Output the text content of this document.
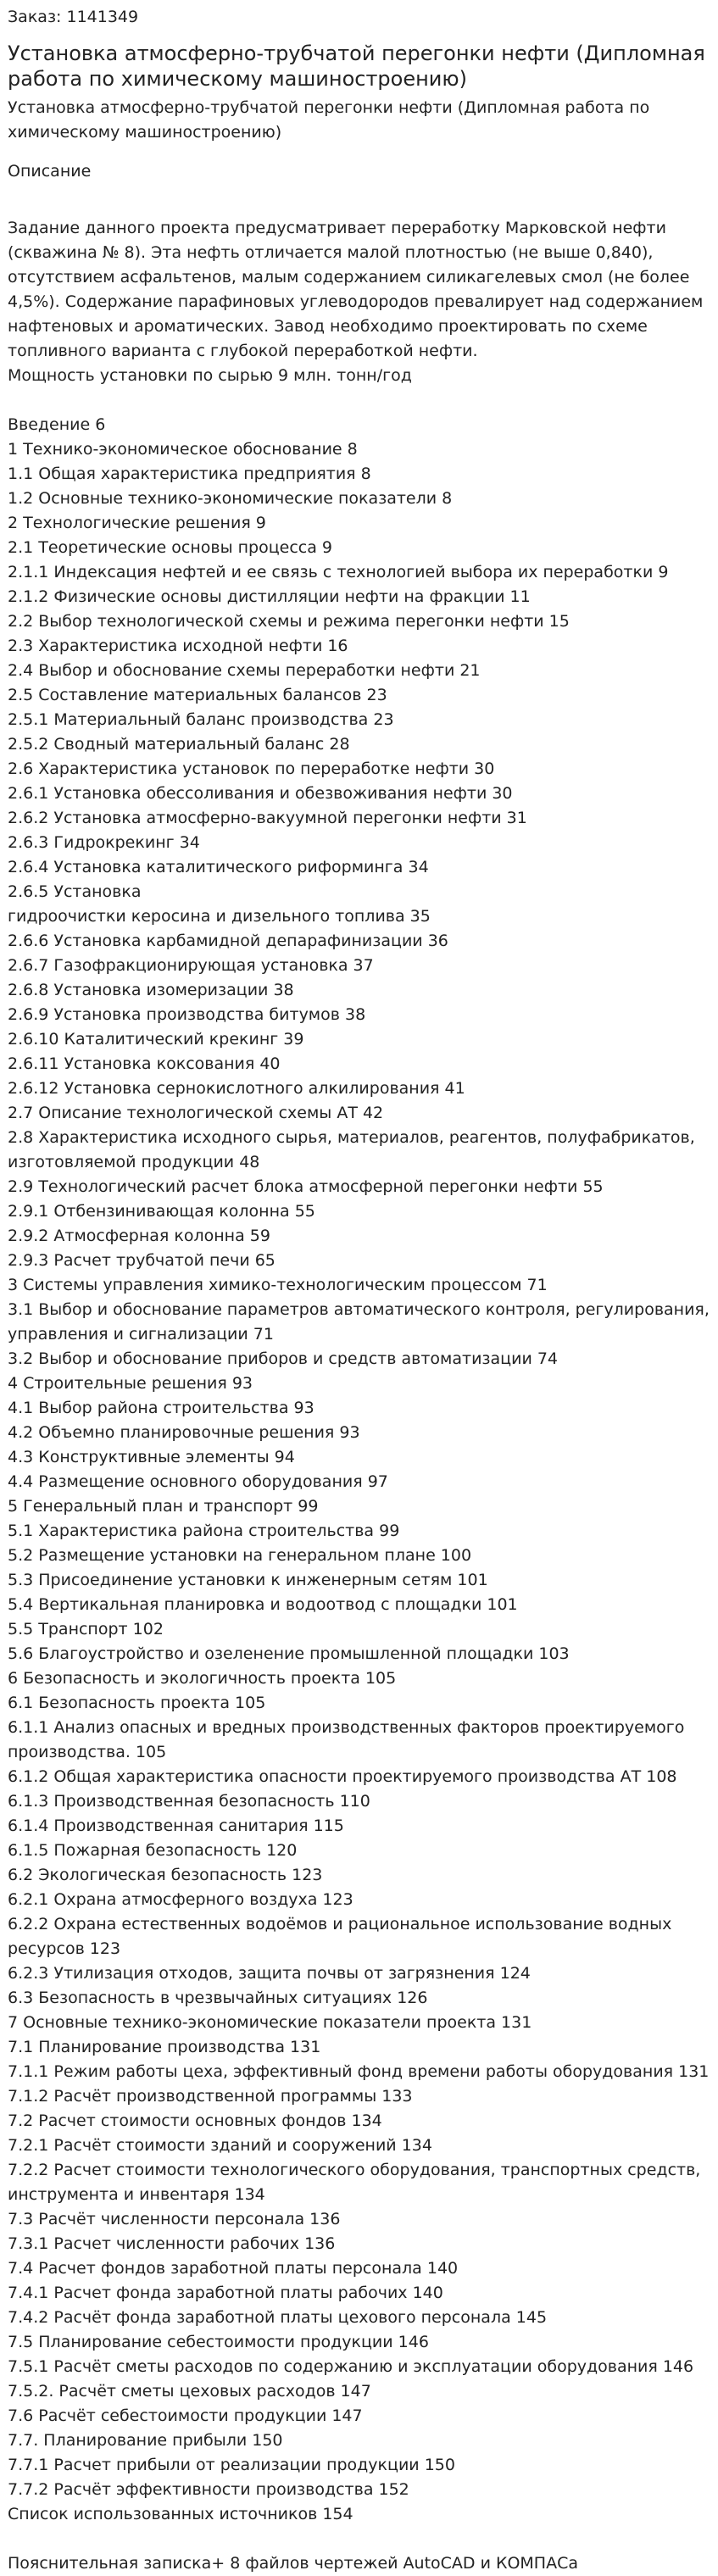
Заказ: 1141349
Установка атмосферно-трубчатой перегонки нефти (Дипломная работа по химическому машиностроению)
Установка атмосферно-трубчатой перегонки нефти (Дипломная работа по химическому машиностроению)
Описание

Задание данного проекта предусматривает переработку Марковской нефти (скважина № 8). Эта нефть отличается малой плотностью (не выше 0,840), отсутствием асфальтенов, малым содержанием силикагелевых смол (не более 4,5%). Содержание парафиновых углеводородов превалирует над содержанием нафтеновых и ароматических. Завод необходимо проектировать по схеме топливного варианта с глубокой переработкой нефти.

Мощность установки по сырью 9 млн. тонн/год

Введение 6

1 Технико-экономическое обоснование 8

1.1 Общая характеристика предприятия 8

1.2 Основные технико-экономические показатели 8

2 Технологические решения 9

2.1 Теоретические основы процесса 9

2.1.1 Индексация нефтей и ее связь с технологией выбора их переработки 9

2.1.2 Физические основы дистилляции нефти на фракции 11

2.2 Выбор технологической схемы и режима перегонки нефти 15

2.3 Характеристика исходной нефти 16

2.4 Выбор и обоснование схемы переработки нефти 21

2.5 Составление материальных балансов 23

2.5.1 Материальный баланс производства 23

2.5.2 Сводный материальный баланс 28

2.6 Характеристика установок по переработке нефти 30

2.6.1 Установка обессоливания и обезвоживания нефти 30

2.6.2 Установка атмосферно-вакуумной перегонки нефти 31

2.6.3 Гидрокрекинг 34

2.6.4 Установка каталитического риформинга 34

2.6.5 Установка

гидроочистки керосина и дизельного топлива 35

2.6.6 Установка карбамидной депарафинизации 36

2.6.7 Газофракционирующая установка 37

2.6.8 Установка изомеризации 38

2.6.9 Установка производства битумов 38

2.6.10 Каталитический крекинг 39

2.6.11 Установка коксования 40

2.6.12 Установка сернокислотного алкилирования 41

2.7 Описание технологической схемы АТ 42

2.8 Характеристика исходного сырья, материалов, реагентов, полуфабрикатов, изготовляемой продукции 48

2.9 Технологический расчет блока атмосферной перегонки нефти 55

2.9.1 Отбензинивающая колонна 55

2.9.2 Атмосферная колонна 59

2.9.3 Расчет трубчатой печи 65

3 Системы управления химико-технологическим процессом 71

3.1 Выбор и обоснование параметров автоматического контроля, регулирования, управления и сигнализации 71

3.2 Выбор и обоснование приборов и средств автоматизации 74

4 Строительные решения 93

4.1 Выбор района строительства 93

4.2 Объемно планировочные решения 93

4.3 Конструктивные элементы 94

4.4 Размещение основного оборудования 97

5 Генеральный план и транспорт 99

5.1 Характеристика района строительства 99

5.2 Размещение установки на генеральном плане 100

5.3 Присоединение установки к инженерным сетям 101

5.4 Вертикальная планировка и водоотвод с площадки 101

5.5 Транспорт 102

5.6 Благоустройство и озеленение промышленной площадки 103

6 Безопасность и экологичность проекта 105

6.1 Безопасность проекта 105

6.1.1 Анализ опасных и вредных производственных факторов проектируемого производства. 105

6.1.2 Общая характеристика опасности проектируемого производства АТ 108

6.1.3 Производственная безопасность 110

6.1.4 Производственная санитария 115

6.1.5 Пожарная безопасность 120

6.2 Экологическая безопасность 123

6.2.1 Охрана атмосферного воздуха 123

6.2.2 Охрана естественных водоёмов и рациональное использование водных ресурсов 123

6.2.3 Утилизация отходов, защита почвы от загрязнения 124

6.3 Безопасность в чрезвычайных ситуациях 126

7 Основные технико-экономические показатели проекта 131

7.1 Планирование производства 131

7.1.1 Режим работы цеха, эффективный фонд времени работы оборудования 131

7.1.2 Расчёт производственной программы 133

7.2 Расчет стоимости основных фондов 134

7.2.1 Расчёт стоимости зданий и сооружений 134

7.2.2 Расчет стоимости технологического оборудования, транспортных средств, инструмента и инвентаря 134

7.3 Расчёт численности персонала 136

7.3.1 Расчет численности рабочих 136

7.4 Расчет фондов заработной платы персонала 140

7.4.1 Расчет фонда заработной платы рабочих 140

7.4.2 Расчёт фонда заработной платы цехового персонала 145

7.5 Планирование себестоимости продукции 146

7.5.1 Расчёт сметы расходов по содержанию и эксплуатации оборудования 146

7.5.2. Расчёт сметы цеховых расходов 147

7.6 Расчёт себестоимости продукции 147

7.7. Планирование прибыли 150

7.7.1 Расчет прибыли от реализации продукции 150

7.7.2 Расчёт эффективности производства 152

Список использованных источников 154

Пояснительная записка+ 8 файлов чертежей AutoCAD и КОМПАСа
